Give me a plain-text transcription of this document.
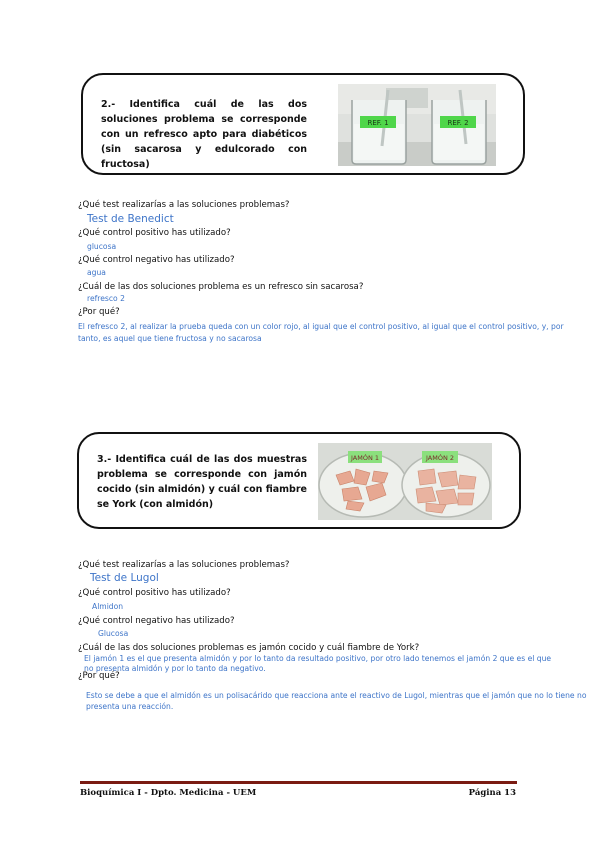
2.- Identifica cuál de las dos soluciones problema se corresponde con un refresco apto para diabéticos (sin sacarosa y edulcorado con fructosa)
REF. 1	REF. 2
¿Qué test realizarías a las soluciones problemas?
Test de Benedict
¿Qué control positivo has utilizado?
glucosa
¿Qué control negativo has utilizado?
agua
¿Cuál de las dos soluciones problema es un refresco sin sacarosa?
refresco 2
¿Por qué?
El refresco 2, al realizar la prueba queda con un color rojo, al igual que el control positivo, al igual que el control positivo, y, por tanto, es aquel que tiene fructosa y no sacarosa
3.- Identifica cuál de las dos muestras problema se corresponde con jamón cocido (sin almidón) y cuál con fiambre se York (con almidón)
JAMÓN 1	JAMÓN 2
¿Qué test realizarías a las soluciones problemas?
Test de Lugol
¿Qué control positivo has utilizado?
Almidon
¿Qué control negativo has utilizado?
Glucosa
¿Cuál de las dos soluciones problemas es jamón cocido y cuál fiambre de York?
El jamón 1 es el que presenta almidón y por lo tanto da resultado positivo, por otro lado tenemos el jamón 2 que es el que no presenta almidón y por lo tanto da negativo.
¿Por qué?
Esto se debe a que el almidón es un polisacárido que reacciona ante el reactivo de Lugol, mientras que el jamón que no lo tiene no presenta una reacción.
Bioquímica I - Dpto. Medicina - UEM	Página 13
